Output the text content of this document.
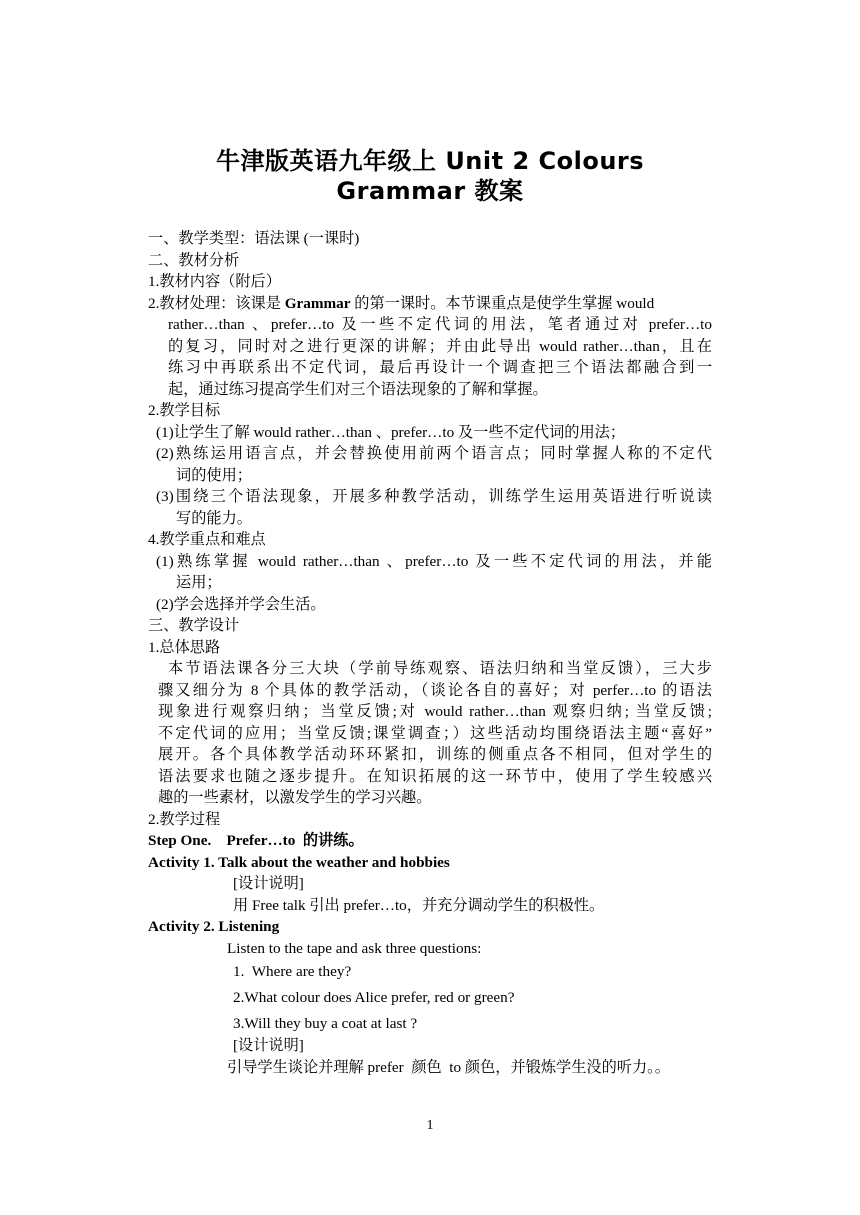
牛津版英语九年级上 Unit 2 Colours
Grammar 教案
一、教学类型：语法课 (一课时)
二、教材分析
1.教材内容（附后）
2.教材处理：该课是 Grammar 的第一课时。本节课重点是使学生掌握 would
rather…than 、prefer…to 及一些不定代词的用法，笔者通过对 prefer…to
的复习，同时对之进行更深的讲解；并由此导出 would rather…than，且在
练习中再联系出不定代词，最后再设计一个调查把三个语法都融合到一
起，通过练习提高学生们对三个语法现象的了解和掌握。
2.教学目标
(1)让学生了解 would rather…than 、prefer…to 及一些不定代词的用法；
(2)熟练运用语言点，并会替换使用前两个语言点；同时掌握人称的不定代
词的使用；
(3)围绕三个语法现象，开展多种教学活动，训练学生运用英语进行听说读
写的能力。
4.教学重点和难点
(1)熟练掌握 would rather…than 、prefer…to 及一些不定代词的用法，并能
运用；
(2)学会选择并学会生活。
三、教学设计
1.总体思路
本节语法课各分三大块（学前导练观察、语法归纳和当堂反馈），三大步
骤又细分为 8 个具体的教学活动，（谈论各自的喜好；对 perfer…to 的语法
现象进行观察归纳；当堂反馈;对 would rather…than 观察归纳; 当堂反馈;
不定代词的应用；当堂反馈;课堂调查；）这些活动均围绕语法主题“喜好”
展开。各个具体教学活动环环紧扣，训练的侧重点各不相同，但对学生的
语法要求也随之逐步提升。在知识拓展的这一环节中，使用了学生较感兴
趣的一些素材，以激发学生的学习兴趣。
2.教学过程
Step One.    Prefer…to  的讲练。
Activity 1. Talk about the weather and hobbies
[设计说明]
用 Free talk 引出 prefer…to，并充分调动学生的积极性。
Activity 2. Listening
Listen to the tape and ask three questions:
1.  Where are they?
2.What colour does Alice prefer, red or green?
3.Will they buy a coat at last ?
[设计说明]
引导学生谈论并理解 prefer  颜色  to 颜色，并锻炼学生没的听力。。
1
